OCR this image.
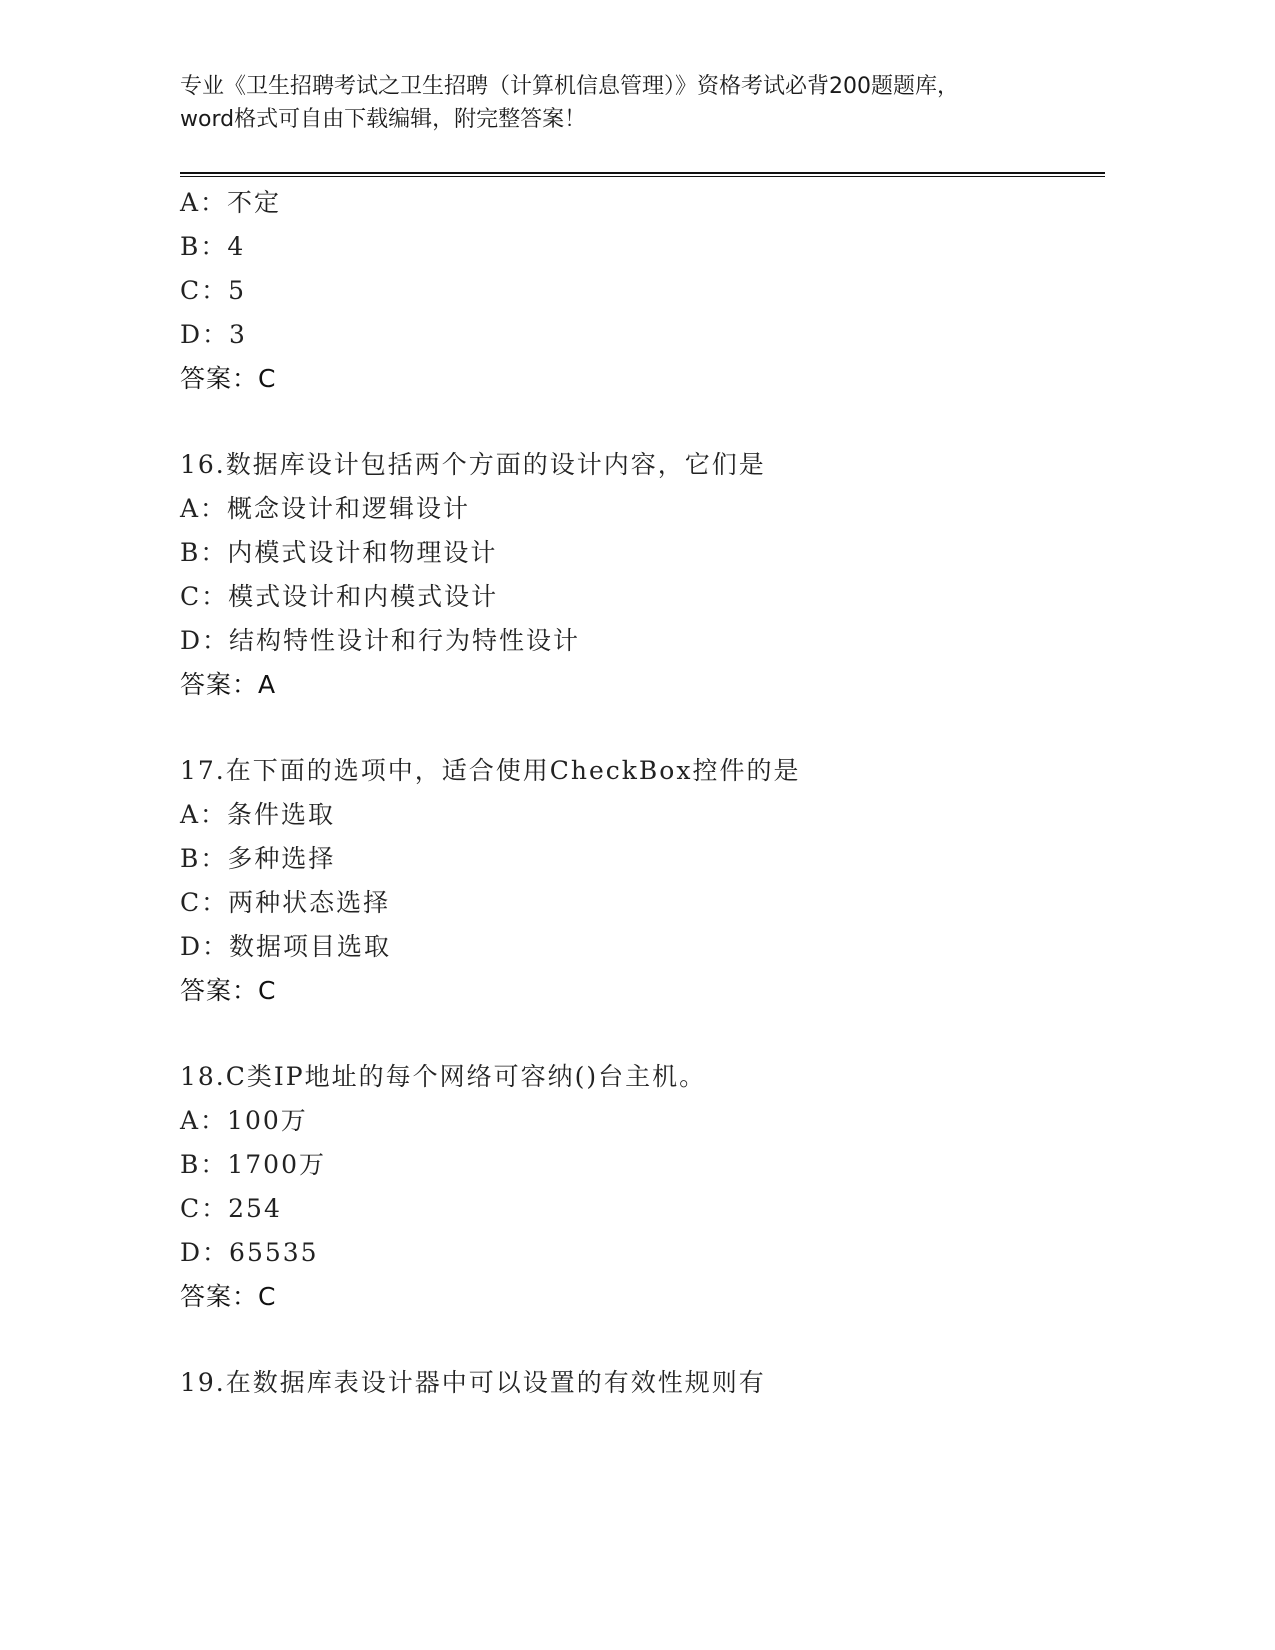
专业《卫生招聘考试之卫生招聘（计算机信息管理）》资格考试必背200题题库，
word格式可自由下载编辑，附完整答案！
A：不定
B：4
C：5
D：3
答案：C
16.数据库设计包括两个方面的设计内容，它们是
A：概念设计和逻辑设计
B：内模式设计和物理设计
C：模式设计和内模式设计
D：结构特性设计和行为特性设计
答案：A
17.在下面的选项中，适合使用CheckBox控件的是
A：条件选取
B：多种选择
C：两种状态选择
D：数据项目选取
答案：C
18.C类IP地址的每个网络可容纳()台主机。
A：100万
B：1700万
C：254
D：65535
答案：C
19.在数据库表设计器中可以设置的有效性规则有
